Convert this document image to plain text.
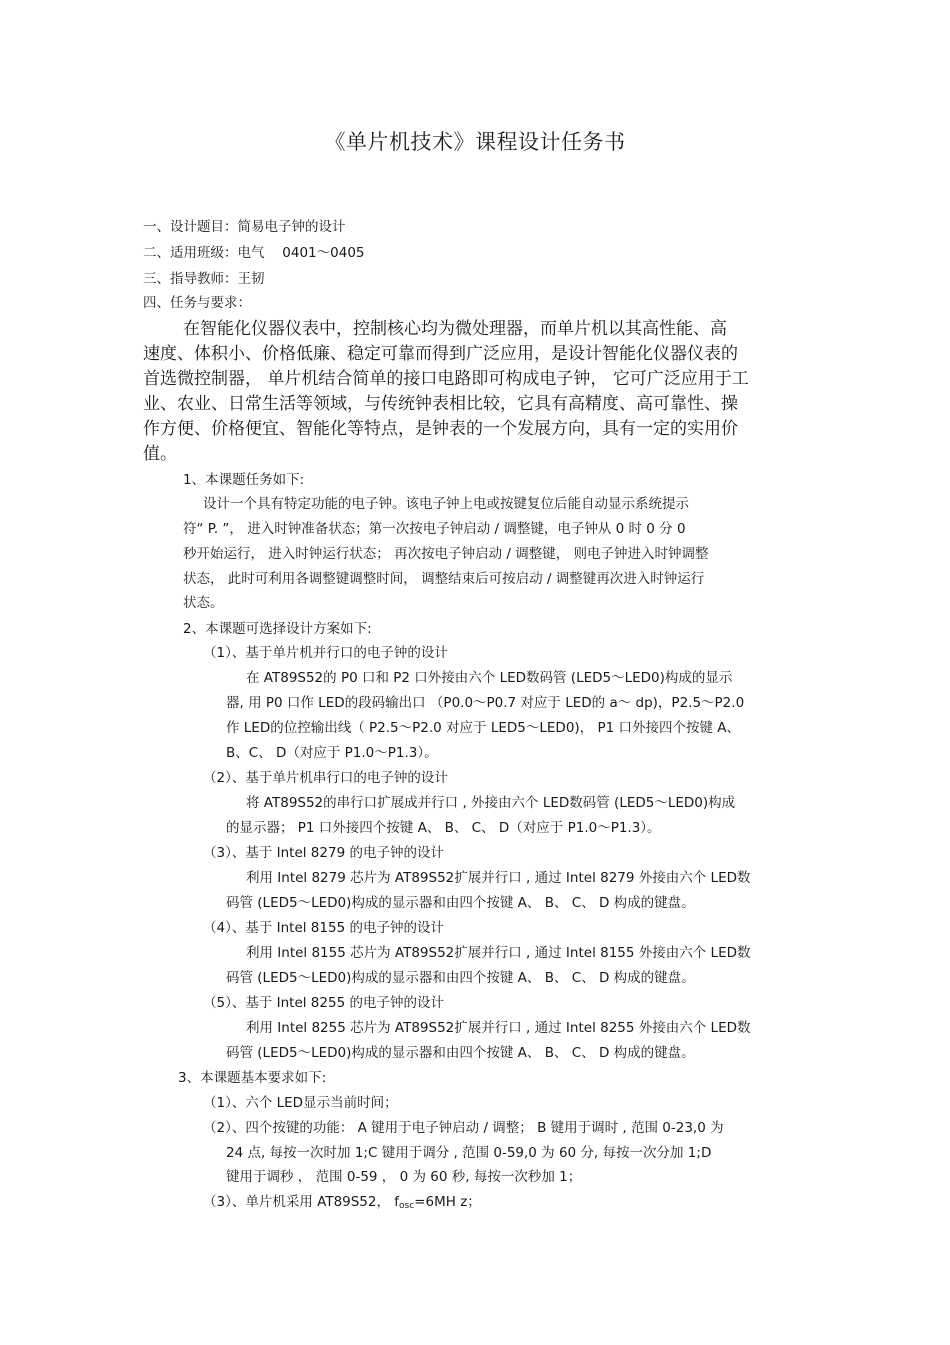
《单片机技术》课程设计任务书
一、设计题目：简易电子钟的设计
二、适用班级：电气　 0401～0405
三、指导教师：王韧
四、任务与要求：
在智能化仪器仪表中，控制核心均为微处理器，而单片机以其高性能、高
速度、体积小、价格低廉、稳定可靠而得到广泛应用，是设计智能化仪器仪表的
首选微控制器， 单片机结合简单的接口电路即可构成电子钟， 它可广泛应用于工
业、农业、日常生活等领域，与传统钟表相比较，它具有高精度、高可靠性、操
作方便、价格便宜、智能化等特点，是钟表的一个发展方向，具有一定的实用价
值。
1、本课题任务如下:
设计一个具有特定功能的电子钟。该电子钟上电或按键复位后能自动显示系统提示
符“ P. ”， 进入时钟准备状态；第一次按电子钟启动 / 调整键，电子钟从 0 时 0 分 0
秒开始运行， 进入时钟运行状态； 再次按电子钟启动 / 调整键， 则电子钟进入时钟调整
状态， 此时可利用各调整键调整时间， 调整结束后可按启动 / 调整键再次进入时钟运行
状态。
2、本课题可选择设计方案如下:
（1）、基于单片机并行口的电子钟的设计
在 AT89S52的 P0 口和 P2 口外接由六个 LED数码管 (LED5～LED0)构成的显示
器, 用 P0 口作 LED的段码输出口 （P0.0～P0.7 对应于 LED的 a～ dp)，P2.5～P2.0
作 LED的位控输出线（ P2.5～P2.0 对应于 LED5～LED0)， P1 口外接四个按键 A、
B、C、 D（对应于 P1.0～P1.3）。
（2）、基于单片机串行口的电子钟的设计
将 AT89S52的串行口扩展成并行口 , 外接由六个 LED数码管 (LED5～LED0)构成
的显示器； P1 口外接四个按键 A、 B、 C、 D（对应于 P1.0～P1.3）。
（3）、基于 Intel 8279 的电子钟的设计
利用 Intel 8279 芯片为 AT89S52扩展并行口 , 通过 Intel 8279 外接由六个 LED数
码管 (LED5～LED0)构成的显示器和由四个按键 A、 B、 C、 D 构成的键盘。
（4）、基于 Intel 8155 的电子钟的设计
利用 Intel 8155 芯片为 AT89S52扩展并行口 , 通过 Intel 8155 外接由六个 LED数
码管 (LED5～LED0)构成的显示器和由四个按键 A、 B、 C、 D 构成的键盘。
（5）、基于 Intel 8255 的电子钟的设计
利用 Intel 8255 芯片为 AT89S52扩展并行口 , 通过 Intel 8255 外接由六个 LED数
码管 (LED5～LED0)构成的显示器和由四个按键 A、 B、 C、 D 构成的键盘。
3、本课题基本要求如下:
（1）、六个 LED显示当前时间；
（2）、四个按键的功能： A 键用于电子钟启动 / 调整； B 键用于调时 , 范围 0-23,0 为
24 点, 每按一次时加 1;C 键用于调分 , 范围 0-59,0 为 60 分, 每按一次分加 1;D
键用于调秒 ， 范围 0-59 ， 0 为 60 秒, 每按一次秒加 1；
（3）、单片机采用 AT89S52， $f_{osc}=6MH$ z；
